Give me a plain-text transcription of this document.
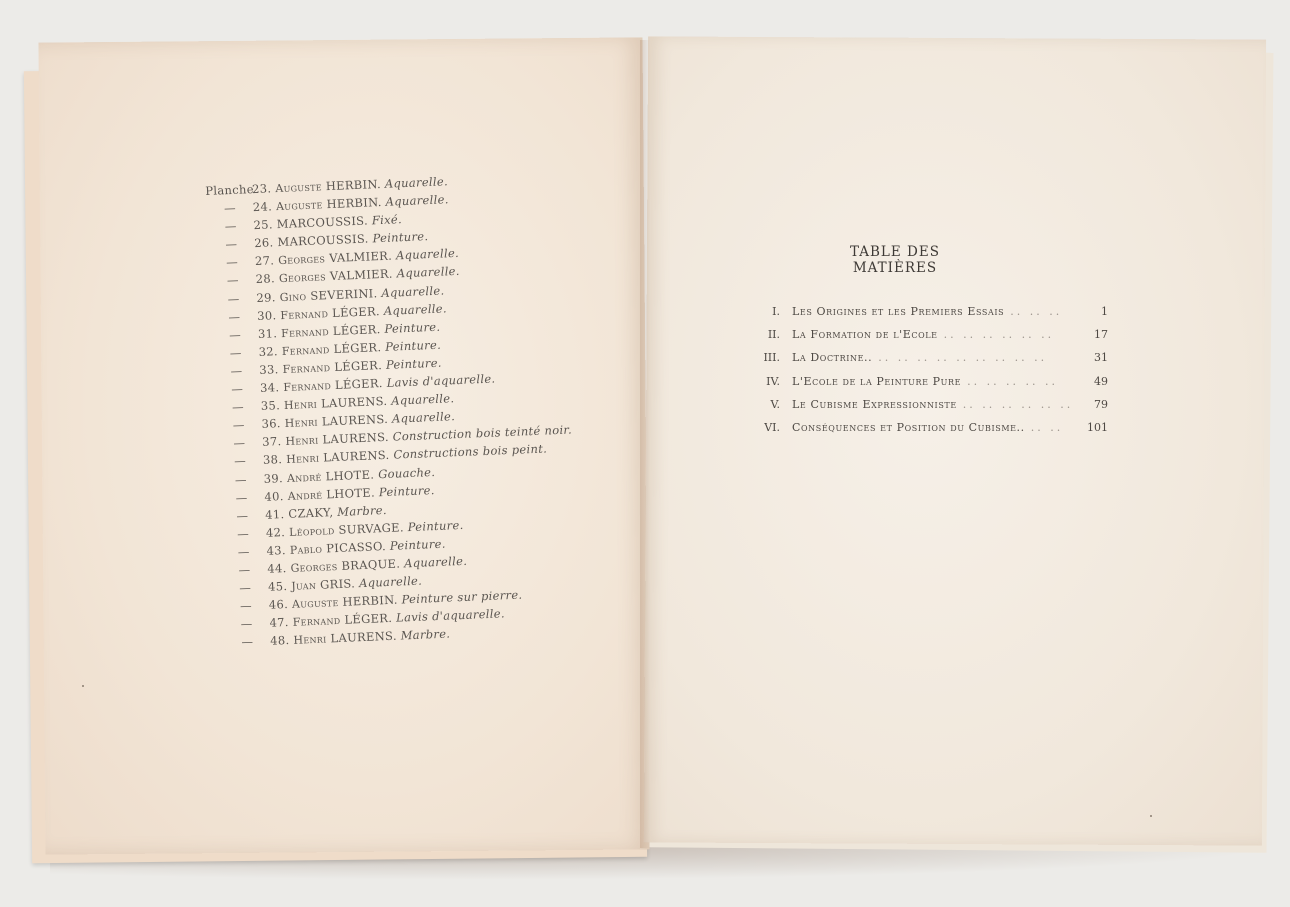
Planche23. Auguste HERBIN. Aquarelle.
— 24. Auguste HERBIN. Aquarelle.
— 25. MARCOUSSIS. Fixé.
— 26. MARCOUSSIS. Peinture.
— 27. Georges VALMIER. Aquarelle.
— 28. Georges VALMIER. Aquarelle.
— 29. Gino SEVERINI. Aquarelle.
— 30. Fernand LÉGER. Aquarelle.
— 31. Fernand LÉGER. Peinture.
— 32. Fernand LÉGER. Peinture.
— 33. Fernand LÉGER. Peinture.
— 34. Fernand LÉGER. Lavis d'aquarelle.
— 35. Henri LAURENS. Aquarelle.
— 36. Henri LAURENS. Aquarelle.
— 37. Henri LAURENS. Construction bois teinté noir.
— 38. Henri LAURENS. Constructions bois peint.
— 39. André LHOTE. Gouache.
— 40. André LHOTE. Peinture.
— 41. CZAKY, Marbre.
— 42. Léopold SURVAGE. Peinture.
— 43. Pablo PICASSO. Peinture.
— 44. Georges BRAQUE. Aquarelle.
— 45. Juan GRIS. Aquarelle.
— 46. Auguste HERBIN. Peinture sur pierre.
— 47. Fernand LÉGER. Lavis d'aquarelle.
— 48. Henri LAURENS. Marbre.
TABLE DES MATIÈRES
I. Les Origines et les Premiers Essais .. .. ..	1
II. La Formation de l'Ecole .. .. .. .. .. ..	17
III. La Doctrine.. .. .. .. .. .. .. .. .. ..	31
IV. L'Ecole de la Peinture Pure .. .. .. .. ..	49
V. Le Cubisme Expressionniste .. .. .. .. .. .. 79
VI. Conséquences et Position du Cubisme.. .. .. 101
